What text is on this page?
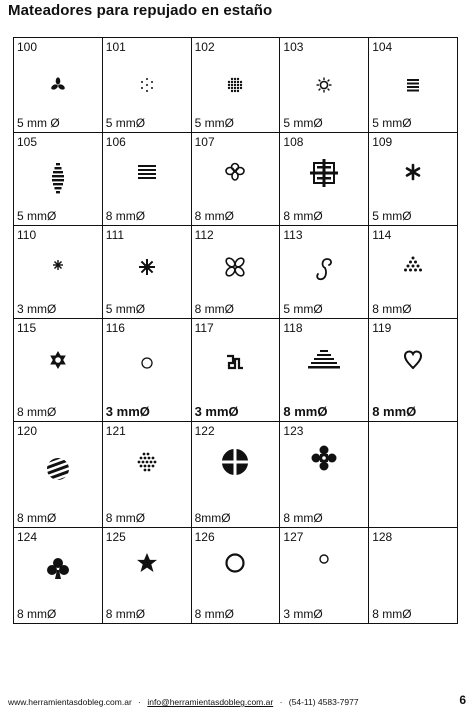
Mateadores para repujado en estaño
100
5 mm Ø	101
5 mmØ	102
5 mmØ	103
5 mmØ	104
5 mmØ

105
5 mmØ	106
8 mmØ	107
8 mmØ	108
8 mmØ	109
5 mmØ

110
3 mmØ	111
5 mmØ	112
8 mmØ	113
5 mmØ	114
8 mmØ

115
8 mmØ	116
3 mmØ	117
3 mmØ	118
8 mmØ	119
8 mmØ

120
8 mmØ	121
8 mmØ	122
8mmØ	123
8 mmØ	

124
8 mmØ	125
8 mmØ	126
8 mmØ	127
3 mmØ	128
8 mmØ
www.herramientasdobleg.com.ar · info@herramientasdobleg.com.ar · (54-11) 4583-7977	6
